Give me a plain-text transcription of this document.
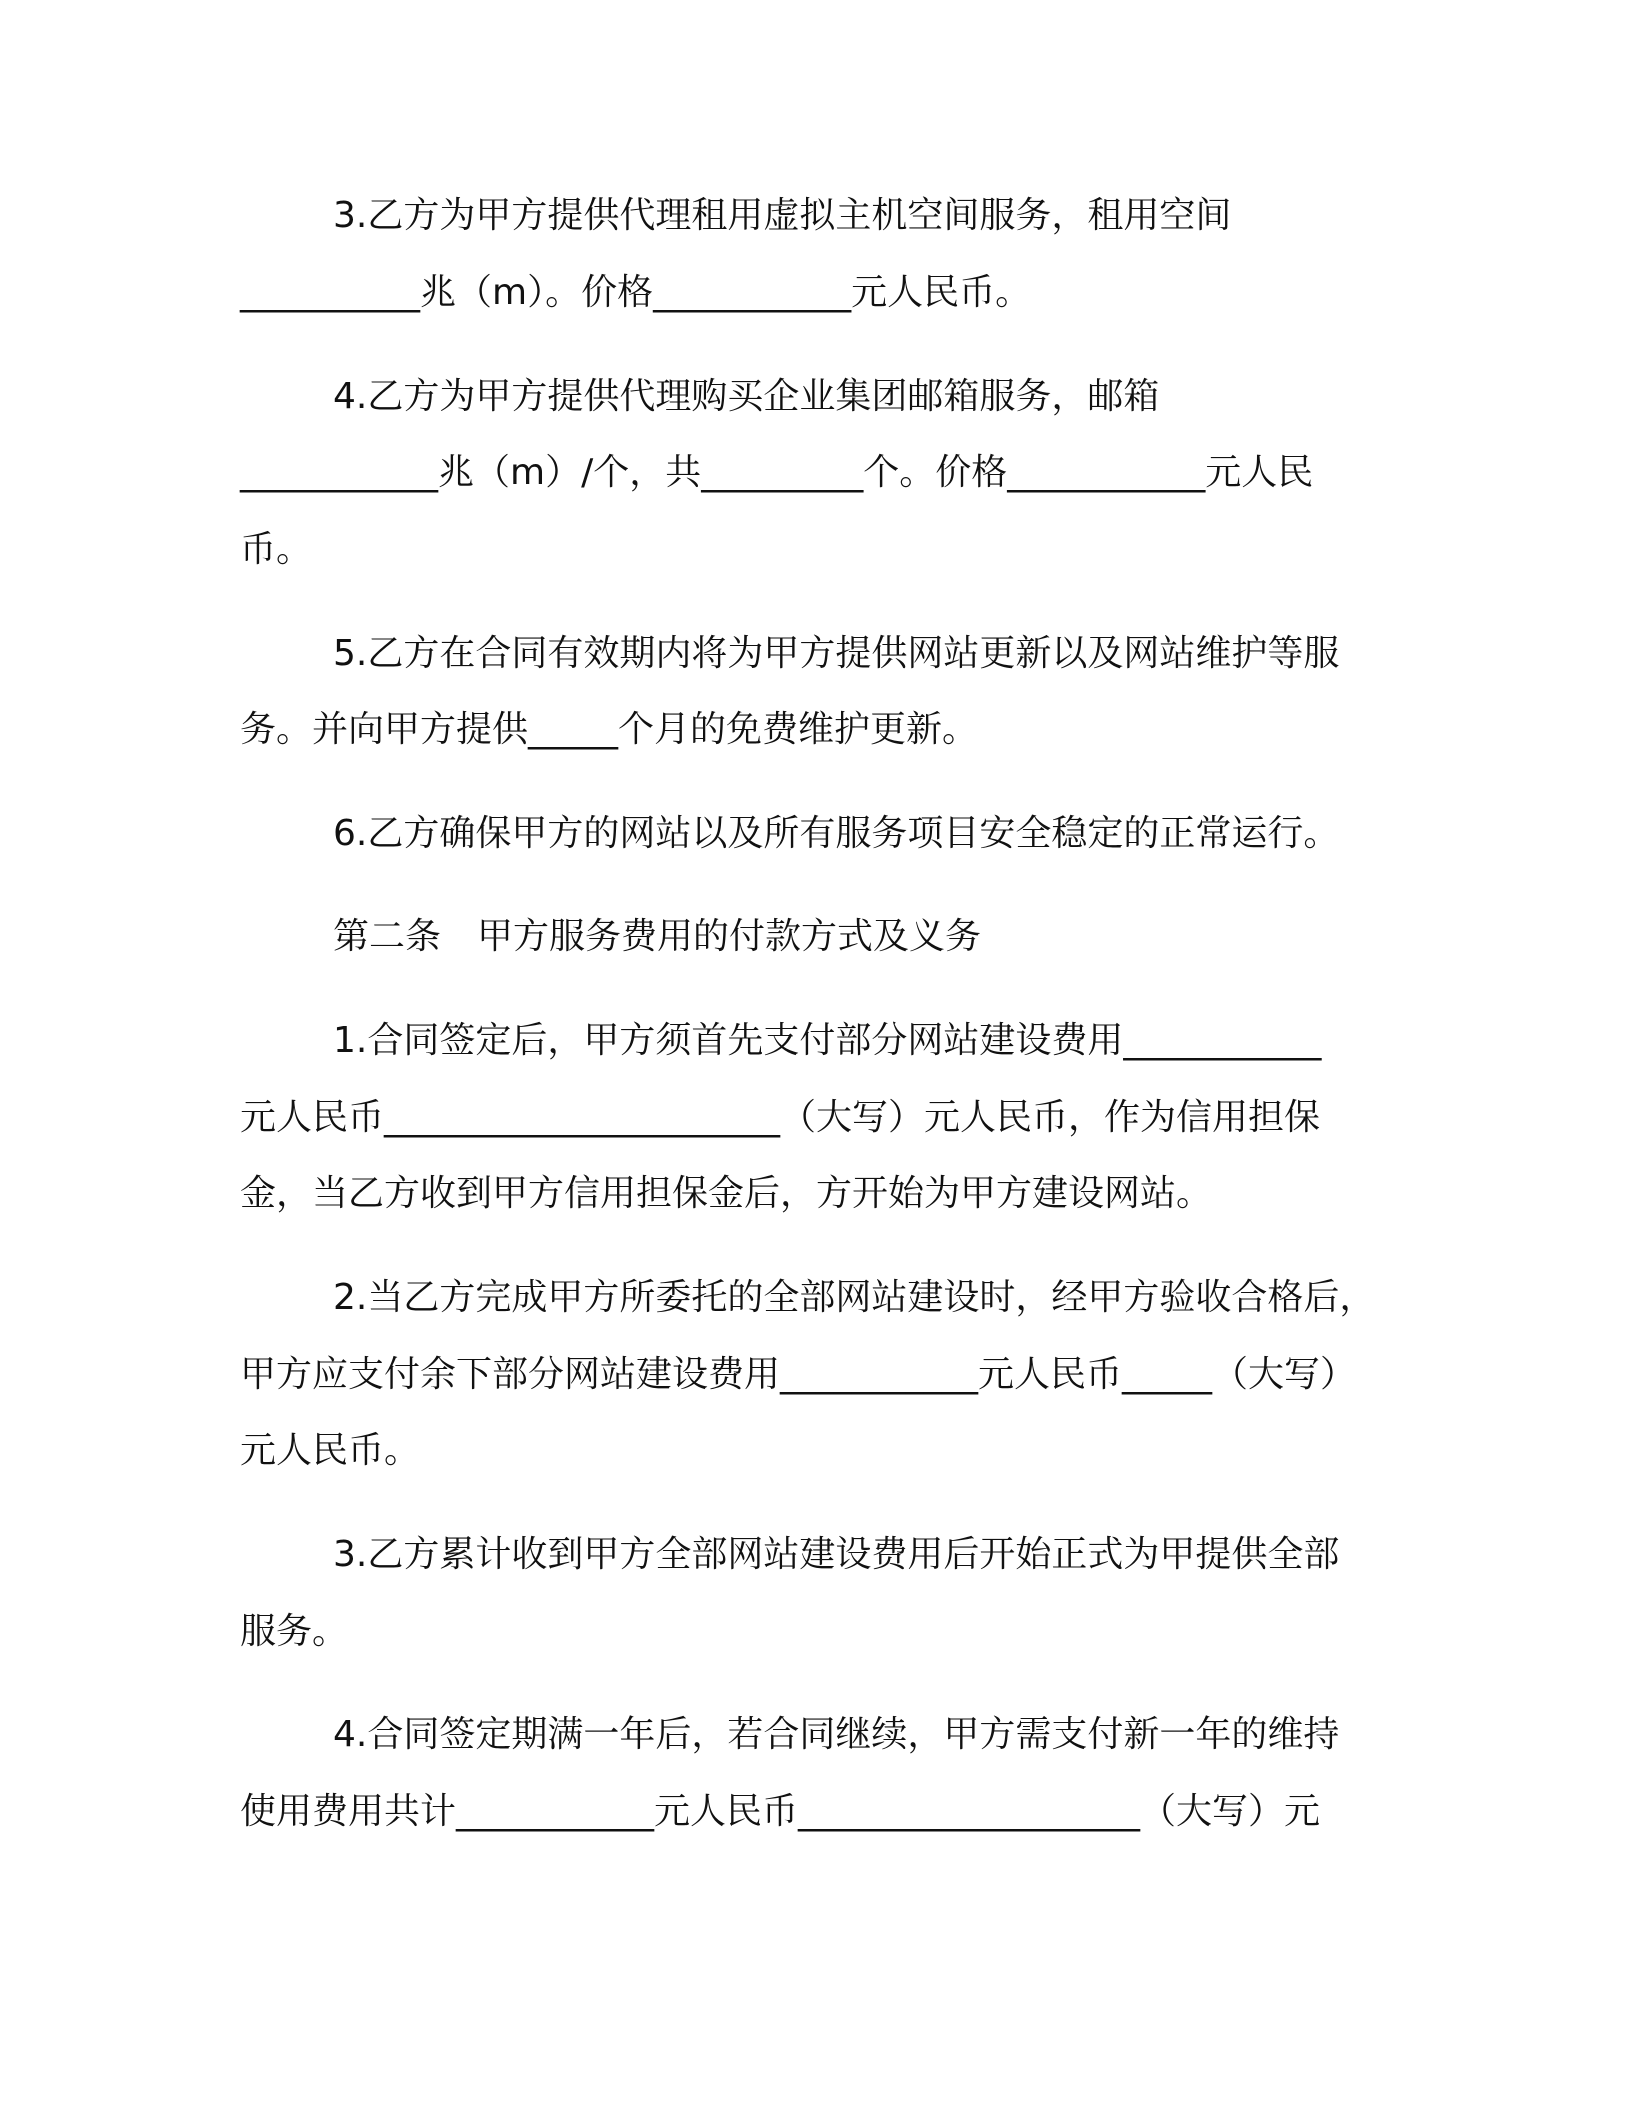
3.乙方为甲方提供代理租用虚拟主机空间服务，租用空间
__________兆（m）。价格___________元人民币。
4.乙方为甲方提供代理购买企业集团邮箱服务，邮箱
___________兆（m）/个，共_________个。价格___________元人民
币。
5.乙方在合同有效期内将为甲方提供网站更新以及网站维护等服
务。并向甲方提供_____个月的免费维护更新。
6.乙方确保甲方的网站以及所有服务项目安全稳定的正常运行。
第二条　甲方服务费用的付款方式及义务
1.合同签定后，甲方须首先支付部分网站建设费用___________
元人民币______________________（大写）元人民币，作为信用担保
金，当乙方收到甲方信用担保金后，方开始为甲方建设网站。
2.当乙方完成甲方所委托的全部网站建设时，经甲方验收合格后，
甲方应支付余下部分网站建设费用___________元人民币_____（大写）
元人民币。
3.乙方累计收到甲方全部网站建设费用后开始正式为甲提供全部
服务。
4.合同签定期满一年后，若合同继续，甲方需支付新一年的维持
使用费用共计___________元人民币___________________（大写）元
